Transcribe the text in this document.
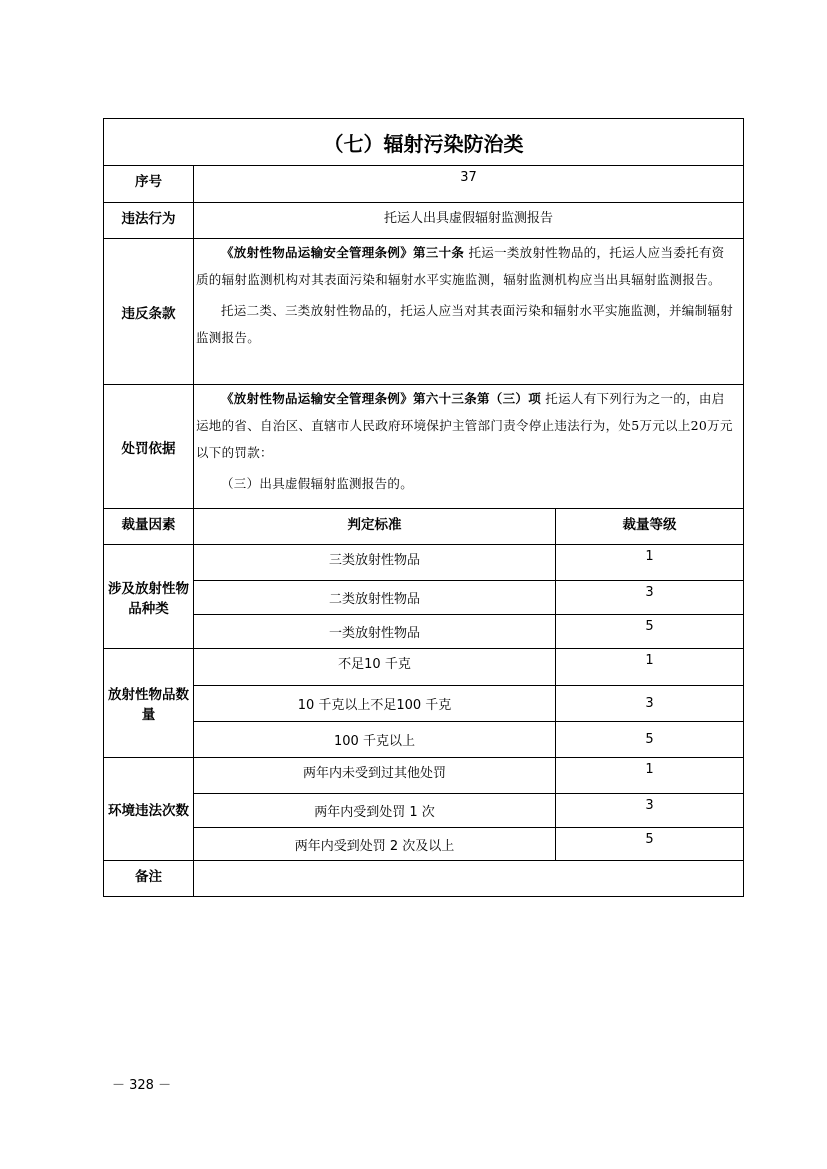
（七）辐射污染防治类		
序号	37	
违法行为	托运人出具虚假辐射监测报告	
违反条款	《放射性物品运输安全管理条例》第三十条 托运一类放射性物品的，托运人应当委托有资质的辐射监测机构对其表面污染和辐射水平实施监测，辐射监测机构应当出具辐射监测报告。

托运二类、三类放射性物品的，托运人应当对其表面污染和辐射水平实施监测，并编制辐射监测报告。	

处罚依据	《放射性物品运输安全管理条例》第六十三条第（三）项 托运人有下列行为之一的，由启运地的省、自治区、直辖市人民政府环境保护主管部门责令停止违法行为，处5万元以上20万元以下的罚款：

（三）出具虚假辐射监测报告的。	

裁量因素	判定标准	裁量等级
涉及放射性物品种类	三类放射性物品	1
	二类放射性物品	3
	一类放射性物品	5
放射性物品数量	不足10 千克	1
	10 千克以上不足100 千克	3
	100 千克以上	5
环境违法次数	两年内未受到过其他处罚	1
	两年内受到处罚 1 次	3
	两年内受到处罚 2 次及以上	5
备注		
－ 328 －
